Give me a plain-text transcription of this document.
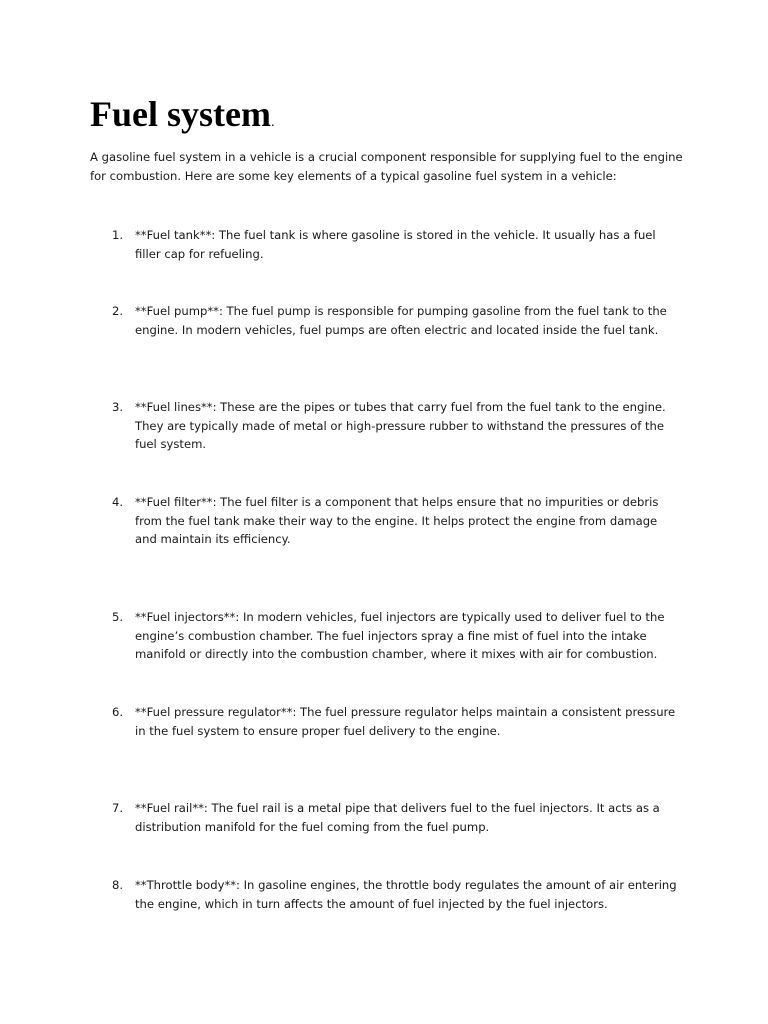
Fuel system.

A gasoline fuel system in a vehicle is a crucial component responsible for supplying fuel to the engine for combustion. Here are some key elements of a typical gasoline fuel system in a vehicle:

1.	**Fuel tank**: The fuel tank is where gasoline is stored in the vehicle. It usually has a fuel filler cap for refueling.
2.	**Fuel pump**: The fuel pump is responsible for pumping gasoline from the fuel tank to the engine. In modern vehicles, fuel pumps are often electric and located inside the fuel tank.
3.	**Fuel lines**: These are the pipes or tubes that carry fuel from the fuel tank to the engine. They are typically made of metal or high-pressure rubber to withstand the pressures of the fuel system.
4.	**Fuel filter**: The fuel filter is a component that helps ensure that no impurities or debris from the fuel tank make their way to the engine. It helps protect the engine from damage and maintain its efficiency.
5.	**Fuel injectors**: In modern vehicles, fuel injectors are typically used to deliver fuel to the engine’s combustion chamber. The fuel injectors spray a fine mist of fuel into the intake manifold or directly into the combustion chamber, where it mixes with air for combustion.
6.	**Fuel pressure regulator**: The fuel pressure regulator helps maintain a consistent pressure in the fuel system to ensure proper fuel delivery to the engine.
7.	**Fuel rail**: The fuel rail is a metal pipe that delivers fuel to the fuel injectors. It acts as a distribution manifold for the fuel coming from the fuel pump.
8.	**Throttle body**: In gasoline engines, the throttle body regulates the amount of air entering the engine, which in turn affects the amount of fuel injected by the fuel injectors.
